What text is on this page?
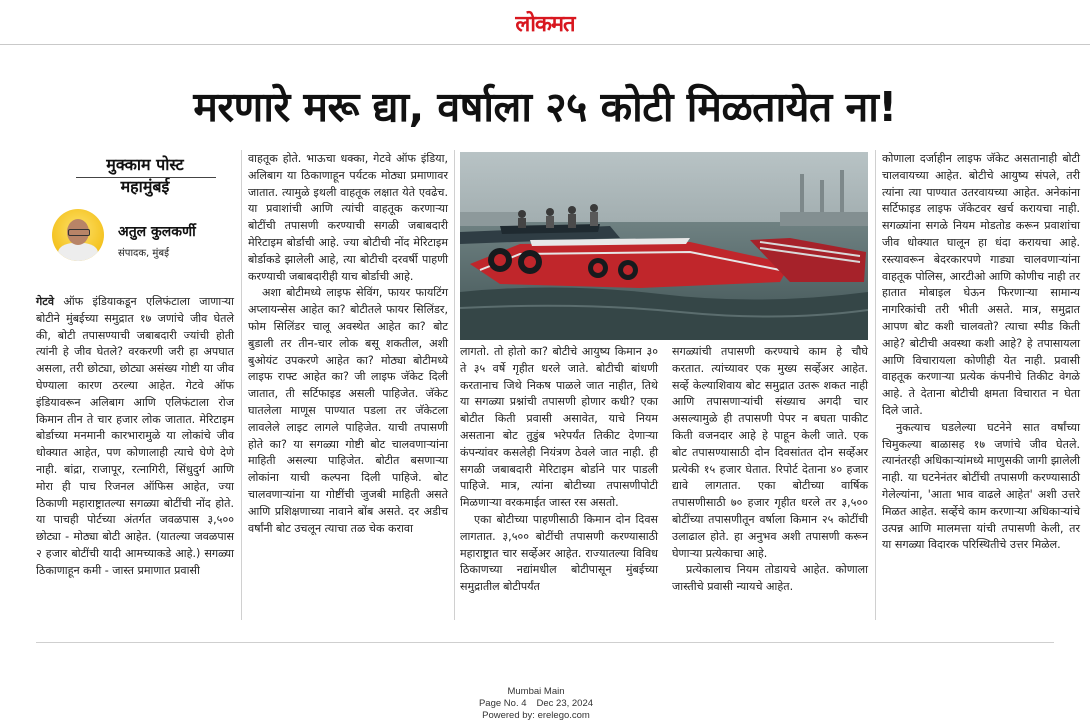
लोकमत
मरणारे मरू द्या, वर्षाला २५ कोटी मिळतायेत ना!
मुक्काम पोस्ट
महामुंबई
अतुल कुलकर्णी
संपादक, मुंबई

गेटवे ऑफ इंडियाकडून एलिफंटाला जाणाऱ्या बोटीने मुंबईच्या समुद्रात १७ जणांचे जीव घेतले की, बोटी तपासण्याची जबाबदारी ज्यांची होती त्यांनी हे जीव घेतले? वरकरणी जरी हा अपघात असला, तरी छोट्या, छोट्या असंख्य गोष्टी या जीव घेण्याला कारण ठरल्या आहेत. गेटवे ऑफ इंडियावरून अलिबाग आणि एलिफंटाला रोज किमान तीन ते चार हजार लोक जातात. मेरिटाइम बोर्डाच्या मनमानी कारभारामुळे या लोकांचे जीव धोक्यात आहेत, पण कोणालाही त्याचे घेणे देणे नाही. बांद्रा, राजापूर, रत्नागिरी, सिंधुदुर्ग आणि मोरा ही पाच रिजनल ऑफिस आहेत, ज्या ठिकाणी महाराष्ट्रातल्या सगळ्या बोटींची नोंद होते. या पाचही पोर्टच्या अंतर्गत जवळपास ३,५०० छोट्या - मोठ्या बोटी आहेत. (यातल्या जवळपास २ हजार बोटींची यादी आमच्याकडे आहे.) सगळ्या ठिकाणाहून कमी - जास्त प्रमाणात प्रवासी

वाहतूक होते. भाऊचा धक्का, गेटवे ऑफ इंडिया, अलिबाग या ठिकाणाहून पर्यटक मोठ्या प्रमाणावर जातात. त्यामुळे इथली वाहतूक लक्षात येते एवढेच. या प्रवाशांची आणि त्यांची वाहतूक करणाऱ्या बोटींची तपासणी करण्याची सगळी जबाबदारी मेरिटाइम बोर्डाची आहे. ज्या बोटीची नोंद मेरिटाइम बोर्डाकडे झालेली आहे, त्या बोटीची दरवर्षी पाहणी करण्याची जबाबदारीही याच बोर्डाची आहे.

अशा बोटीमध्ये लाइफ सेविंग, फायर फायटिंग अप्लायन्सेस आहेत का? बोटीतले फायर सिलिंडर, फोम सिलिंडर चालू अवस्थेत आहेत का? बोट बुडाली तर तीन-चार लोक बसू शकतील, अशी बुओयंट उपकरणे आहेत का? मोठ्या बोटीमध्ये लाइफ राफ्ट आहेत का? जी लाइफ जॅकेट दिली जातात, ती सर्टिफाइड असली पाहिजेत. जॅकेट घातलेला माणूस पाण्यात पडला तर जॅकेटला लावलेले लाइट लागले पाहिजेत. याची तपासणी होते का? या सगळ्या गोष्टी बोट चालवणाऱ्यांना माहिती असल्या पाहिजेत. बोटीत बसणाऱ्या लोकांना याची कल्पना दिली पाहिजे. बोट चालवणाऱ्यांना या गोष्टींची जुजबी माहिती असते आणि प्रशिक्षणाच्या नावाने बोंब असते. दर अडीच वर्षांनी बोट उचलून त्याचा तळ चेक करावा

लागतो. तो होतो का? बोटीचे आयुष्य किमान ३० ते ३५ वर्षे गृहीत धरले जाते. बोटीची बांधणी करतानाच जिथे निकष पाळले जात नाहीत, तिथे या सगळ्या प्रश्नांची तपासणी होणार कधी? एका बोटीत किती प्रवासी असावेत, याचे नियम असताना बोट तुडुंब भरेपर्यंत तिकीट देणाऱ्या कंपन्यांवर कसलेही नियंत्रण ठेवले जात नाही. ही सगळी जबाबदारी मेरिटाइम बोर्डाने पार पाडली पाहिजे. मात्र, त्यांना बोटीच्या तपासणीपोटी मिळणाऱ्या वरकमाईत जास्त रस असतो.

एका बोटीच्या पाहणीसाठी किमान दोन दिवस लागतात. ३,५०० बोटींची तपासणी करण्यासाठी महाराष्ट्रात चार सर्व्हेअर आहेत. राज्यातल्या विविध ठिकाणच्या नद्यांमधील बोटीपासून मुंबईच्या समुद्रातील बोटीपर्यंत

सगळ्यांची तपासणी करण्याचे काम हे चौघे करतात. त्यांच्यावर एक मुख्य सर्व्हेअर आहेत. सर्व्हे केल्याशिवाय बोट समुद्रात उतरू शकत नाही आणि तपासणाऱ्यांची संख्याच अगदी चार असल्यामुळे ही तपासणी पेपर न बघता पाकीट किती वजनदार आहे हे पाहून केली जाते. एक बोट तपासण्यासाठी दोन दिवसांतत दोन सर्व्हेअर प्रत्येकी १५ हजार घेतात. रिपोर्ट देताना ४० हजार द्यावे लागतात. एका बोटीच्या वार्षिक तपासणीसाठी ७० हजार गृहीत धरले तर ३,५०० बोटींच्या तपासणीतून वर्षाला किमान २५ कोटींची उलाढाल होते. हा अनुभव अशी तपासणी करून घेणाऱ्या प्रत्येकाचा आहे.

प्रत्येकालाच नियम तोडायचे आहेत. कोणाला जास्तीचे प्रवासी न्यायचे आहेत.

कोणाला दर्जाहीन लाइफ जॅकेट असतानाही बोटी चालवायच्या आहेत. बोटीचे आयुष्य संपले, तरी त्यांना त्या पाण्यात उतरवायच्या आहेत. अनेकांना सर्टिफाइड लाइफ जॅकेटवर खर्च करायचा नाही. सगळ्यांना सगळे नियम मोडतोड करून प्रवाशांचा जीव धोक्यात घालून हा धंदा करायचा आहे. रस्त्यावरून बेदरकारपणे गाड्या चालवणाऱ्यांना वाहतूक पोलिस, आरटीओ आणि कोणीच नाही तर हातात मोबाइल घेऊन फिरणाऱ्या सामान्य नागरिकांची तरी भीती असते. मात्र, समुद्रात आपण बोट कशी चालवतो? त्याचा स्पीड किती आहे? बोटीची अवस्था कशी आहे? हे तपासायला आणि विचारायला कोणीही येत नाही. प्रवासी वाहतूक करणाऱ्या प्रत्येक कंपनीचे तिकीट वेगळे आहे. ते देताना बोटीची क्षमता विचारात न घेता दिले जाते.

नुकत्याच घडलेल्या घटनेने सात वर्षांच्या चिमुकल्या बाळासह १७ जणांचे जीव घेतले. त्यानंतरही अधिकाऱ्यांमध्ये माणुसकी जागी झालेली नाही. या घटनेनंतर बोटींची तपासणी करण्यासाठी गेलेल्यांना, 'आता भाव वाढले आहेत' अशी उत्तरे मिळत आहेत. सर्व्हेचे काम करणाऱ्या अधिकाऱ्यांचे उत्पन्न आणि मालमत्ता यांची तपासणी केली, तर या सगळ्या विदारक परिस्थितीचे उत्तर मिळेल.

Mumbai Main
Page No. 4 Dec 23, 2024
Powered by: erelego.com
